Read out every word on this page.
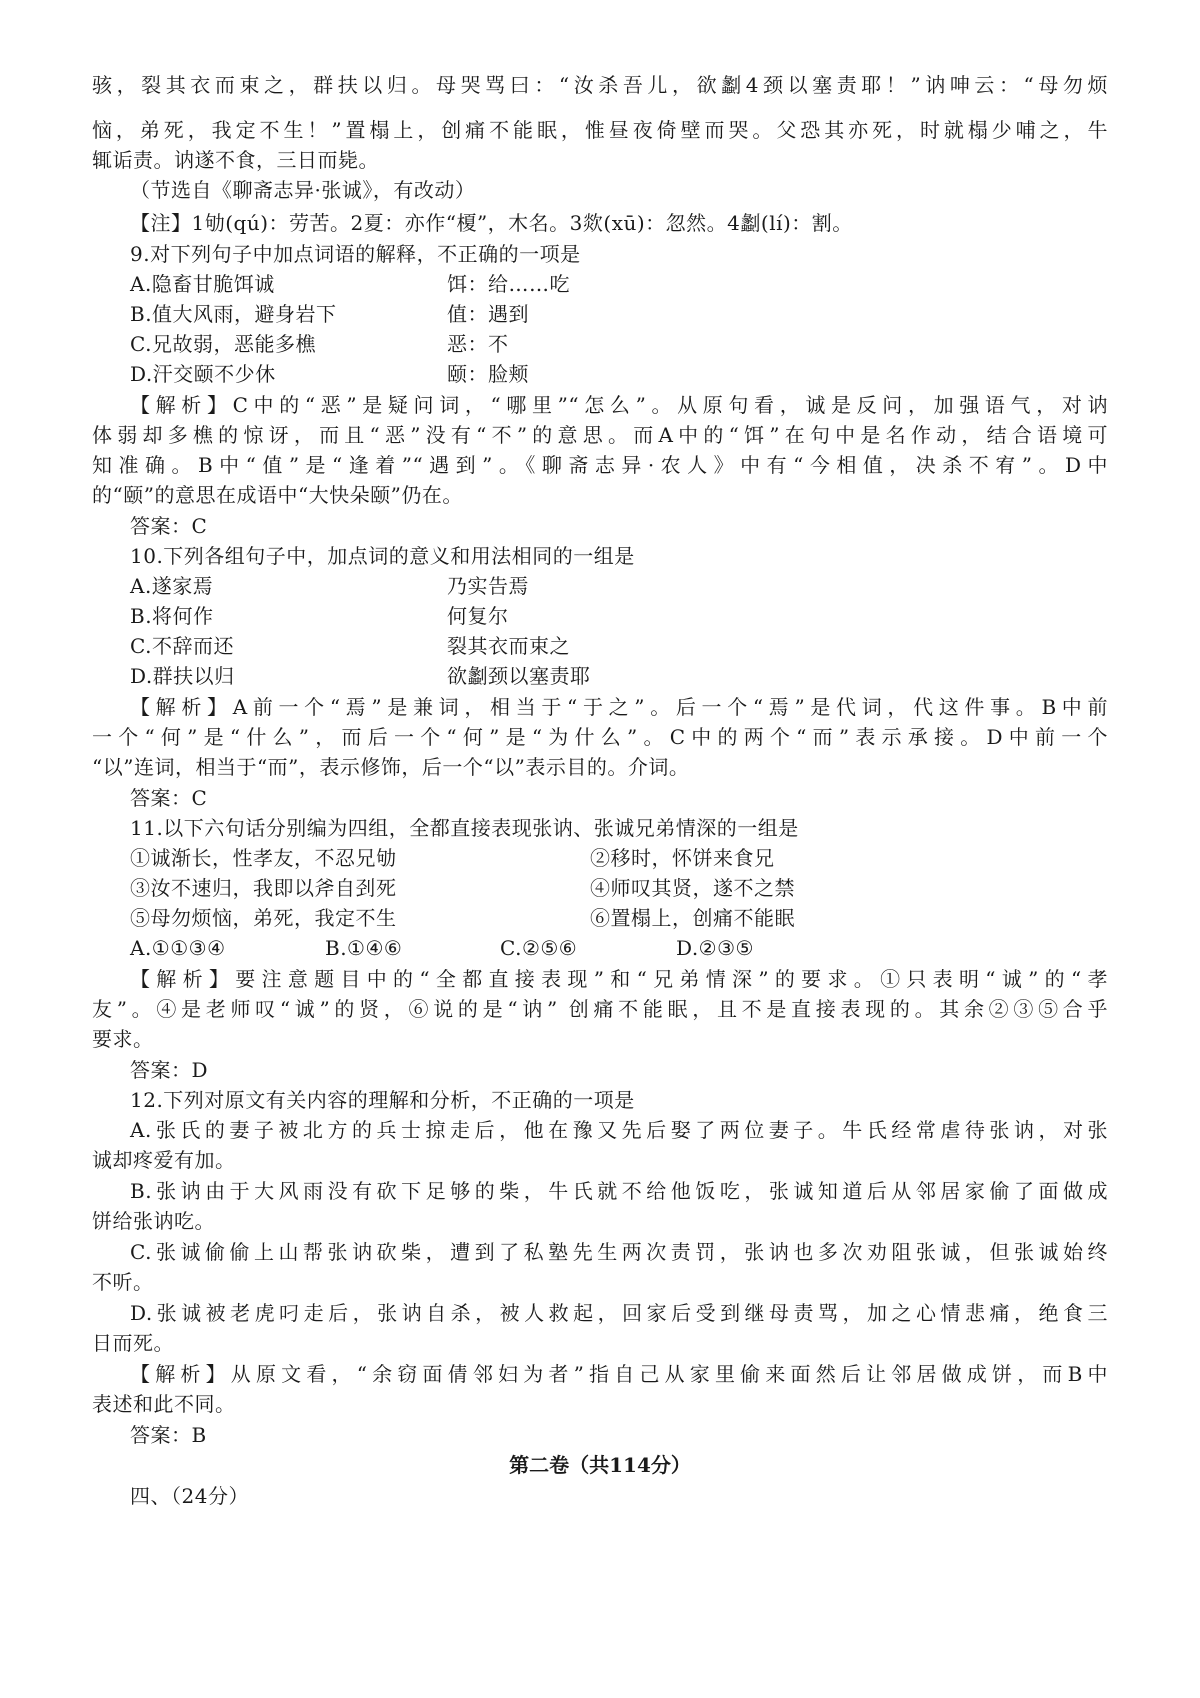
骇，裂其衣而束之，群扶以归。母哭骂曰：“汝杀吾儿，欲劙4颈以塞责耶！”讷呻云：“母勿烦
恼，弟死，我定不生！”置榻上，创痛不能眠，惟昼夜倚壁而哭。父恐其亦死，时就榻少哺之，牛
辄诟责。讷遂不食，三日而毙。
（节选自《聊斋志异·张诚》，有改动）
【注】1劬(qú)：劳苦。2夏：亦作“榎”，木名。3欻(xū)：忽然。4劙(lí)：割。
9.对下列句子中加点词语的解释，不正确的一项是
A.隐畜甘脆饵诚	饵：给……吃
B.值大风雨，避身岩下	值：遇到
C.兄故弱，恶能多樵	恶：不
D.汗交颐不少休	颐：脸颊
【解析】C中的“恶”是疑问词，“哪里”“怎么”。从原句看，诚是反问，加强语气，对讷
体弱却多樵的惊讶，而且“恶”没有“不”的意思。而A中的“饵”在句中是名作动，结合语境可
知准确。B中“值”是“逢着”“遇到”。《聊斋志异·农人》中有“今相值，决杀不宥”。D中
的“颐”的意思在成语中“大快朵颐”仍在。
答案：C
10.下列各组句子中，加点词的意义和用法相同的一组是
A.遂家焉	乃实告焉
B.将何作	何复尔
C.不辞而还	裂其衣而束之
D.群扶以归	欲劙颈以塞责耶
【解析】A前一个“焉”是兼词，相当于“于之”。后一个“焉”是代词，代这件事。B中前
一个“何”是“什么”，而后一个“何”是“为什么”。C中的两个“而”表示承接。D中前一个
“以”连词，相当于“而”，表示修饰，后一个“以”表示目的。介词。
答案：C
11.以下六句话分别编为四组，全都直接表现张讷、张诚兄弟情深的一组是
①诚渐长，性孝友，不忍兄劬	②移时，怀饼来食兄
③汝不速归，我即以斧自刭死	④师叹其贤，遂不之禁
⑤母勿烦恼，弟死，我定不生	⑥置榻上，创痛不能眠
A.①①③④	B.①④⑥	C.②⑤⑥	D.②③⑤
【解析】要注意题目中的“全都直接表现”和“兄弟情深”的要求。①只表明“诚”的“孝
友”。④是老师叹“诚”的贤，⑥说的是“讷” 创痛不能眠，且不是直接表现的。其余②③⑤合乎
要求。
答案：D
12.下列对原文有关内容的理解和分析，不正确的一项是
A.张氏的妻子被北方的兵士掠走后，他在豫又先后娶了两位妻子。牛氏经常虐待张讷，对张
诚却疼爱有加。
B.张讷由于大风雨没有砍下足够的柴，牛氏就不给他饭吃，张诚知道后从邻居家偷了面做成
饼给张讷吃。
C.张诚偷偷上山帮张讷砍柴，遭到了私塾先生两次责罚，张讷也多次劝阻张诚，但张诚始终
不听。
D.张诚被老虎叼走后，张讷自杀，被人救起，回家后受到继母责骂，加之心情悲痛，绝食三
日而死。
【解析】从原文看，“余窃面倩邻妇为者”指自己从家里偷来面然后让邻居做成饼，而B中
表述和此不同。
答案：B
第二卷（共114分）
四、（24分）
